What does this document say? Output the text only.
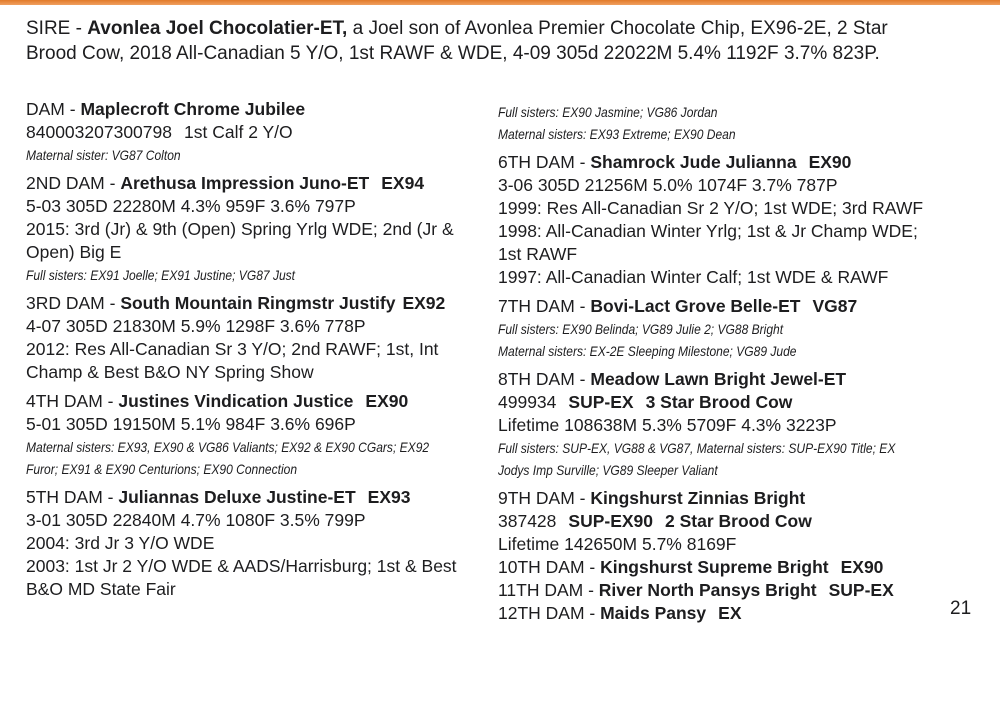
SIRE - Avonlea Joel Chocolatier-ET, a Joel son of Avonlea Premier Chocolate Chip, EX96-2E, 2 Star
Brood Cow, 2018 All-Canadian 5 Y/O, 1st RAWF & WDE, 4-09 305d 22022M 5.4% 1192F 3.7% 823P.
DAM - Maplecroft Chrome Jubilee
840003207300798 1st Calf 2 Y/O
Maternal sister: VG87 Colton
2ND DAM - Arethusa Impression Juno-ET EX94
5-03 305D 22280M 4.3% 959F 3.6% 797P
2015: 3rd (Jr) & 9th (Open) Spring Yrlg WDE; 2nd (Jr &
Open) Big E
Full sisters: EX91 Joelle; EX91 Justine; VG87 Just
3RD DAM - South Mountain Ringmstr Justify EX92
4-07 305D 21830M 5.9% 1298F 3.6% 778P
2012: Res All-Canadian Sr 3 Y/O; 2nd RAWF; 1st, Int
Champ & Best B&O NY Spring Show
4TH DAM - Justines Vindication Justice EX90
5-01 305D 19150M 5.1% 984F 3.6% 696P
Maternal sisters: EX93, EX90 & VG86 Valiants; EX92 & EX90 CGars; EX92
Furor; EX91 & EX90 Centurions; EX90 Connection
5TH DAM - Juliannas Deluxe Justine-ET EX93
3-01 305D 22840M 4.7% 1080F 3.5% 799P
2004: 3rd Jr 3 Y/O WDE
2003: 1st Jr 2 Y/O WDE & AADS/Harrisburg; 1st & Best
B&O MD State Fair
Full sisters: EX90 Jasmine; VG86 Jordan
Maternal sisters: EX93 Extreme; EX90 Dean
6TH DAM - Shamrock Jude Julianna EX90
3-06 305D 21256M 5.0% 1074F 3.7% 787P
1999: Res All-Canadian Sr 2 Y/O; 1st WDE; 3rd RAWF
1998: All-Canadian Winter Yrlg; 1st & Jr Champ WDE;
1st RAWF
1997: All-Canadian Winter Calf; 1st WDE & RAWF
7TH DAM - Bovi-Lact Grove Belle-ET VG87
Full sisters: EX90 Belinda; VG89 Julie 2; VG88 Bright
Maternal sisters: EX-2E Sleeping Milestone; VG89 Jude
8TH DAM - Meadow Lawn Bright Jewel-ET
499934 SUP-EX 3 Star Brood Cow
Lifetime 108638M 5.3% 5709F 4.3% 3223P
Full sisters: SUP-EX, VG88 & VG87, Maternal sisters: SUP-EX90 Title; EX
Jodys Imp Surville; VG89 Sleeper Valiant
9TH DAM - Kingshurst Zinnias Bright
387428 SUP-EX90 2 Star Brood Cow
Lifetime 142650M 5.7% 8169F
10TH DAM - Kingshurst Supreme Bright EX90
11TH DAM - River North Pansys Bright SUP-EX
12TH DAM - Maids Pansy EX	21
